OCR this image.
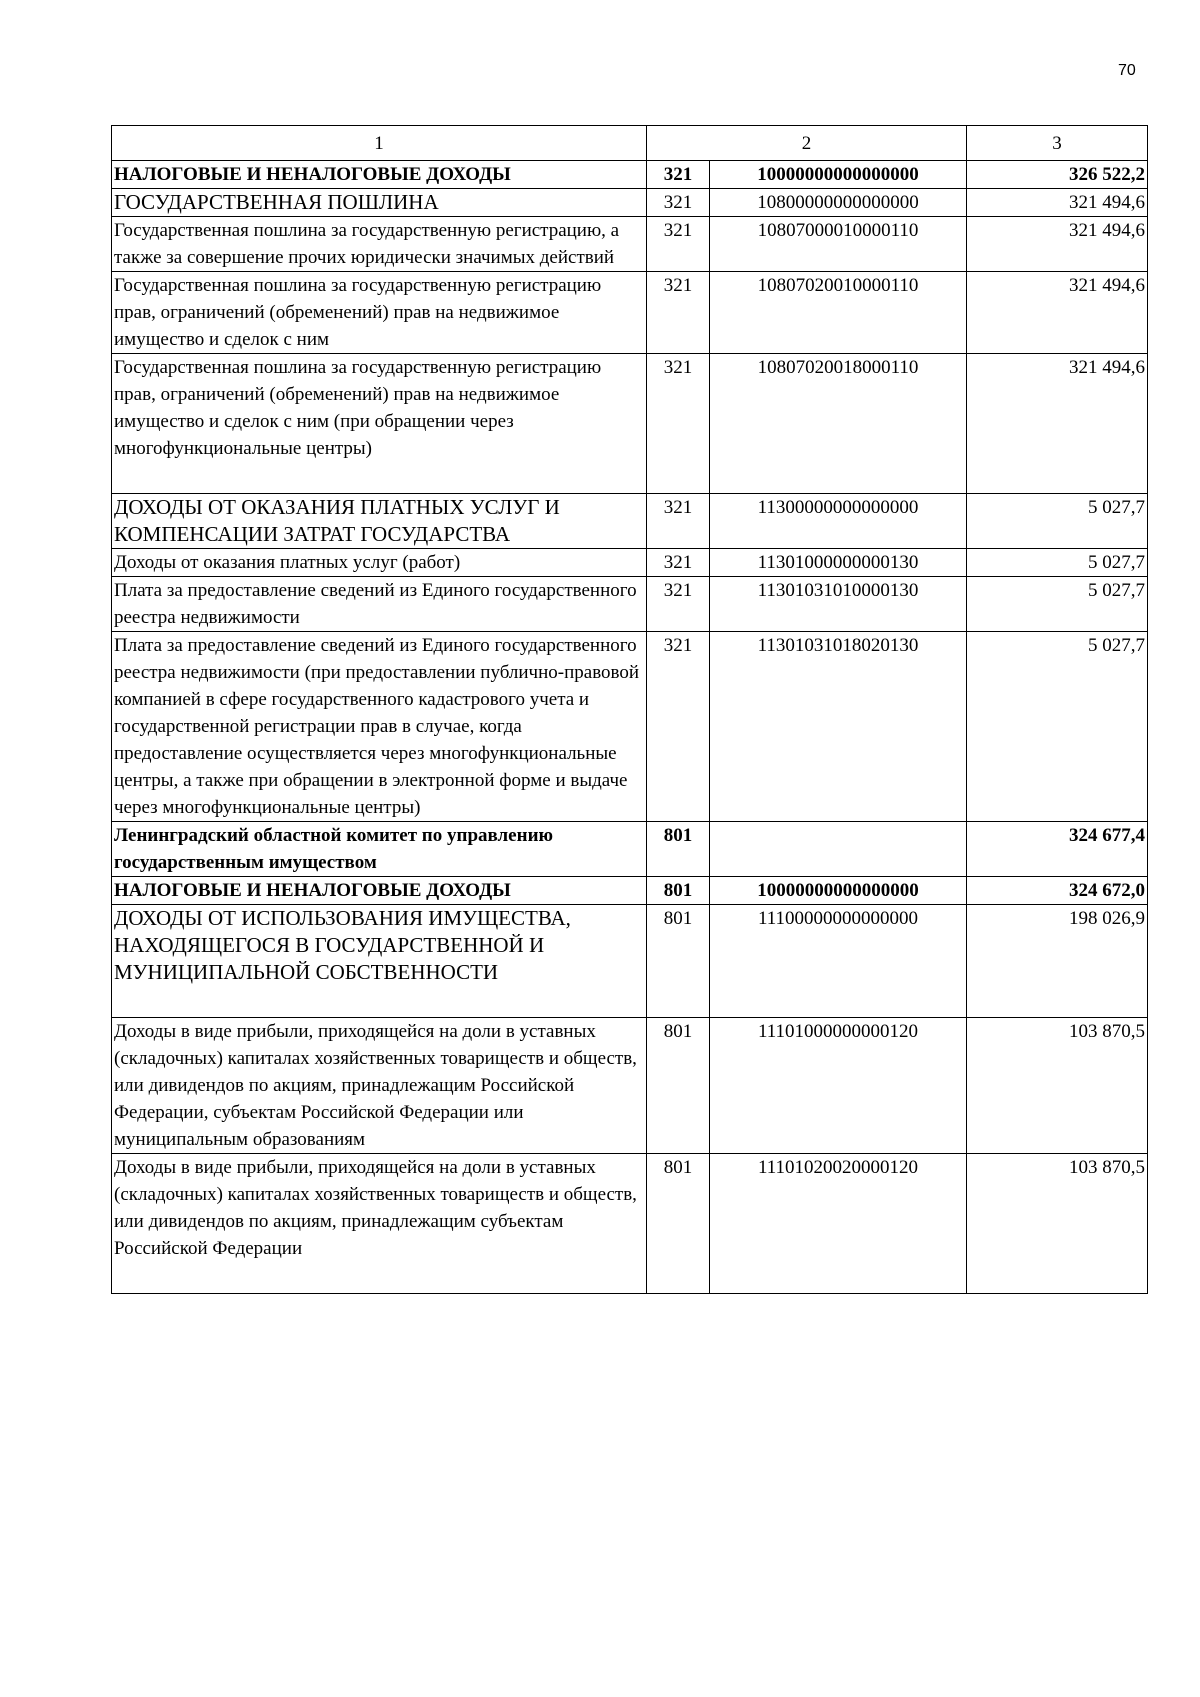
70
1	2		3
НАЛОГОВЫЕ И НЕНАЛОГОВЫЕ ДОХОДЫ	321	10000000000000000	326 522,2
ГОСУДАРСТВЕННАЯ ПОШЛИНА	321	10800000000000000	321 494,6
Государственная пошлина за государственную регистрацию, а также за совершение прочих юридически значимых действий	321	10807000010000110	321 494,6
Государственная пошлина за государственную регистрацию прав, ограничений (обременений) прав на недвижимое имущество и сделок с ним	321	10807020010000110	321 494,6
Государственная пошлина за государственную регистрацию прав, ограничений (обременений) прав на недвижимое имущество и сделок с ним (при обращении через многофункциональные центры)	321	10807020018000110	321 494,6
ДОХОДЫ ОТ ОКАЗАНИЯ ПЛАТНЫХ УСЛУГ И КОМПЕНСАЦИИ ЗАТРАТ ГОСУДАРСТВА	321	11300000000000000	5 027,7
Доходы от оказания платных услуг (работ)	321	11301000000000130	5 027,7
Плата за предоставление сведений из Единого государственного реестра недвижимости	321	11301031010000130	5 027,7
Плата за предоставление сведений из Единого государственного реестра недвижимости (при предоставлении публично-правовой компанией в сфере государственного кадастрового учета и государственной регистрации прав в случае, когда предоставление осуществляется через многофункциональные центры, а также при обращении в электронной форме и выдаче через многофункциональные центры)	321	11301031018020130	5 027,7
Ленинградский областной комитет по управлению государственным имуществом	801		324 677,4
НАЛОГОВЫЕ И НЕНАЛОГОВЫЕ ДОХОДЫ	801	10000000000000000	324 672,0
ДОХОДЫ ОТ ИСПОЛЬЗОВАНИЯ ИМУЩЕСТВА, НАХОДЯЩЕГОСЯ В ГОСУДАРСТВЕННОЙ И МУНИЦИПАЛЬНОЙ СОБСТВЕННОСТИ	801	11100000000000000	198 026,9
Доходы в виде прибыли, приходящейся на доли в уставных (складочных) капиталах хозяйственных товариществ и обществ, или дивидендов по акциям, принадлежащим Российской Федерации, субъектам Российской Федерации или муниципальным образованиям	801	11101000000000120	103 870,5
Доходы в виде прибыли, приходящейся на доли в уставных (складочных) капиталах хозяйственных товариществ и обществ, или дивидендов по акциям, принадлежащим субъектам Российской Федерации	801	11101020020000120	103 870,5
